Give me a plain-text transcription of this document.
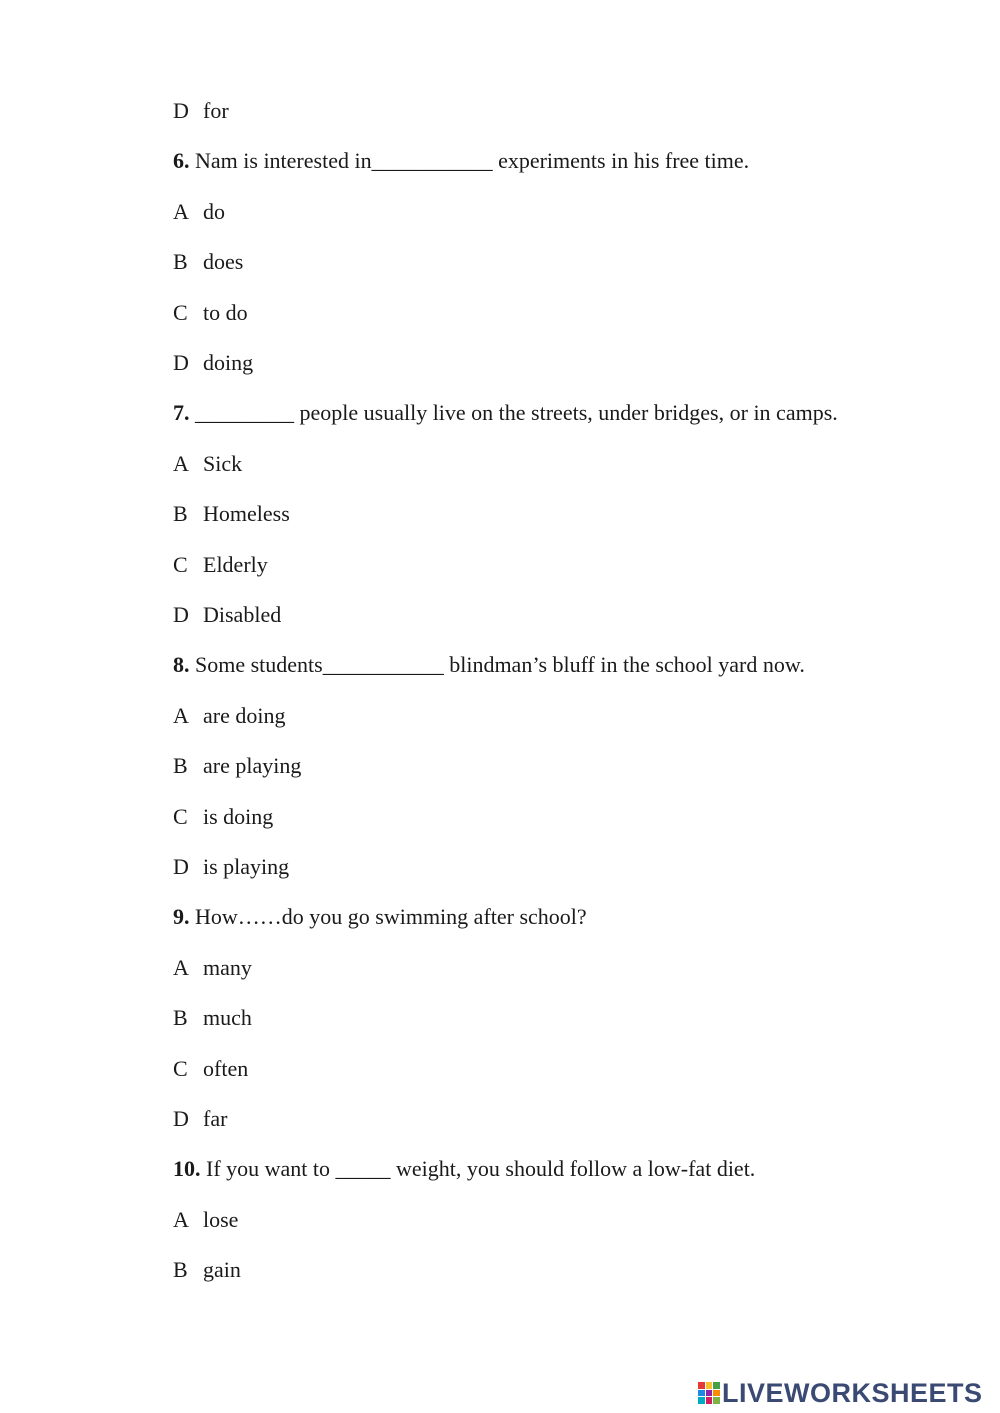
D for
6. Nam is interested in___________ experiments in his free time.
A do
B does
C to do
D doing
7. _________ people usually live on the streets, under bridges, or in camps.
A Sick
B Homeless
C Elderly
D Disabled
8. Some students___________ blindman’s bluff in the school yard now.
A are doing
B are playing
C is doing
D is playing
9. How……do you go swimming after school?
A many
B much
C often
D far
10. If you want to _____ weight, you should follow a low-fat diet.
A lose
B gain
LIVEWORKSHEETS
